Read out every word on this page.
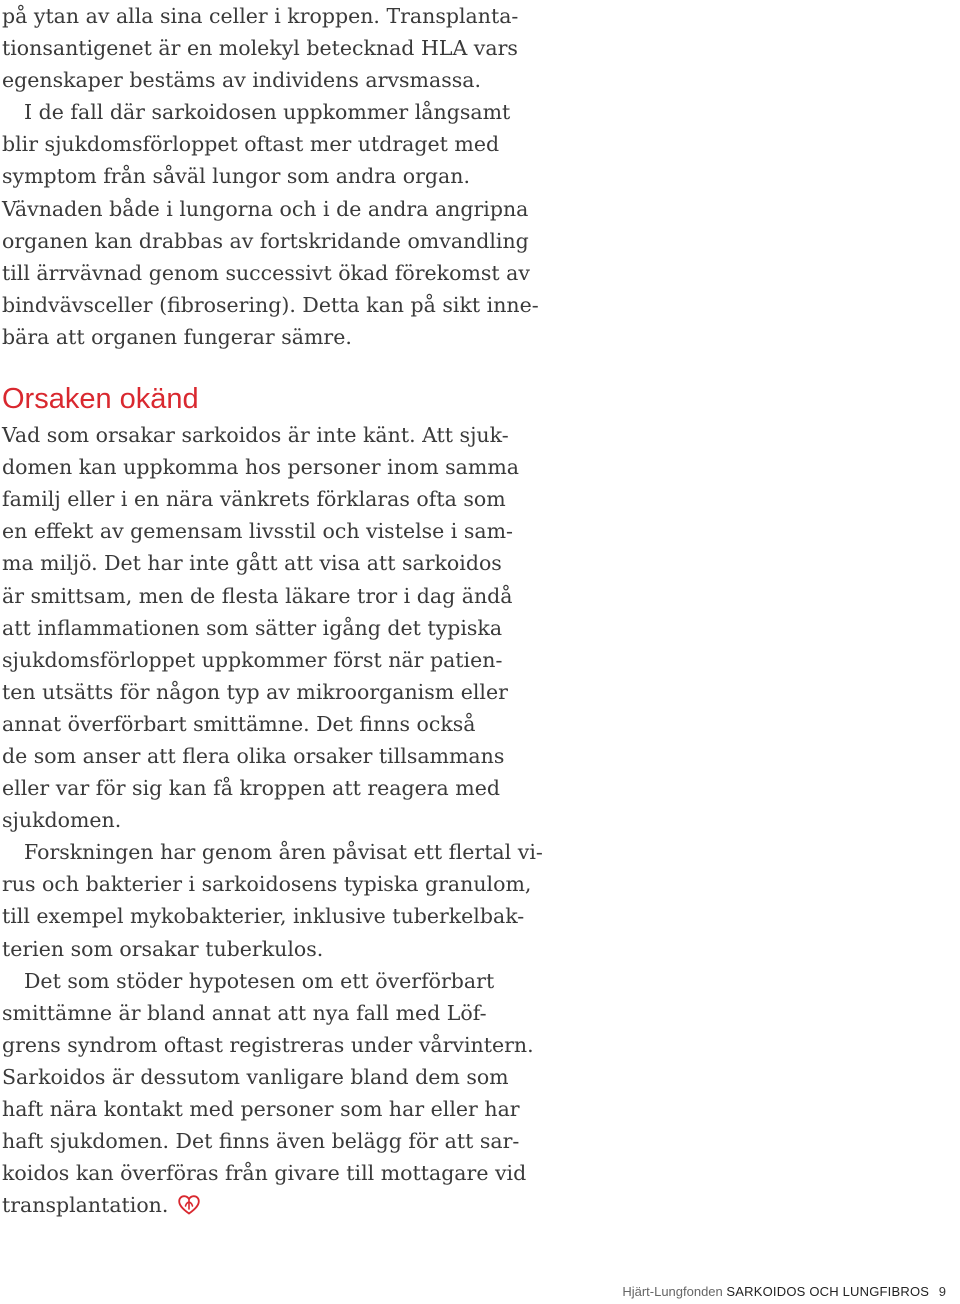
på ytan av alla sina celler i kroppen. Transplanta-
tionsantigenet är en molekyl betecknad HLA vars
egenskaper bestäms av individens arvsmassa.
I de fall där sarkoidosen uppkommer långsamt
blir sjukdomsförloppet oftast mer utdraget med
symptom från såväl lungor som andra organ.
Vävnaden både i lungorna och i de andra angripna
organen kan drabbas av fortskridande omvandling
till ärrvävnad genom successivt ökad förekomst av
bindvävsceller (fibrosering). Detta kan på sikt inne-
bära att organen fungerar sämre.
Orsaken okänd
Vad som orsakar sarkoidos är inte känt. Att sjuk-
domen kan uppkomma hos personer inom samma
familj eller i en nära vänkrets förklaras ofta som
en effekt av gemensam livsstil och vistelse i sam-
ma miljö. Det har inte gått att visa att sarkoidos
är smittsam, men de flesta läkare tror i dag ändå
att inflammationen som sätter igång det typiska
sjukdomsförloppet uppkommer först när patien-
ten utsätts för någon typ av mikroorganism eller
annat överförbart smittämne. Det finns också
de som anser att flera olika orsaker tillsammans
eller var för sig kan få kroppen att reagera med
sjukdomen.
Forskningen har genom åren påvisat ett flertal vi-
rus och bakterier i sarkoidosens typiska granulom,
till exempel mykobakterier, inklusive tuberkelbak-
terien som orsakar tuberkulos.
Det som stöder hypotesen om ett överförbart
smittämne är bland annat att nya fall med Löf-
grens syndrom oftast registreras under vårvintern.
Sarkoidos är dessutom vanligare bland dem som
haft nära kontakt med personer som har eller har
haft sjukdomen. Det finns även belägg för att sar-
koidos kan överföras från givare till mottagare vid
transplantation.
Hjärt-Lungfonden SARKOIDOS OCH LUNGFIBROS 9
